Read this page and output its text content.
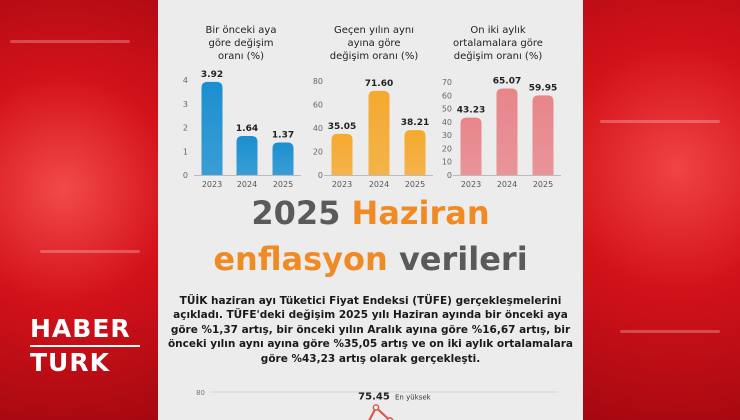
HABER
TURK
Bir önceki aya
göre değişim
oranı (%)
0
1
2
3
4
3.92
2023
1.64
2024
1.37
2025
Geçen yılın aynı
ayına göre
değişim oranı (%)
0
20
40
60
80
35.05
2023
71.60
2024
38.21
2025
On iki aylık
ortalamalara göre
değişim oranı (%)
0
10
20
30
40
50
60
70
43.23
2023
65.07
2024
59.95
2025
80	75.45 En yüksek
2025 Haziran
enflasyon verileri
TÜİK haziran ayı Tüketici Fiyat Endeksi (TÜFE) gerçekleşmelerini açıkladı. TÜFE'deki değişim 2025 yılı Haziran ayında bir önceki aya göre %1,37 artış, bir önceki yılın Aralık ayına göre %16,67 artış, bir önceki yılın aynı ayına göre %35,05 artış ve on iki aylık ortalamalara göre %43,23 artış olarak gerçekleşti.
